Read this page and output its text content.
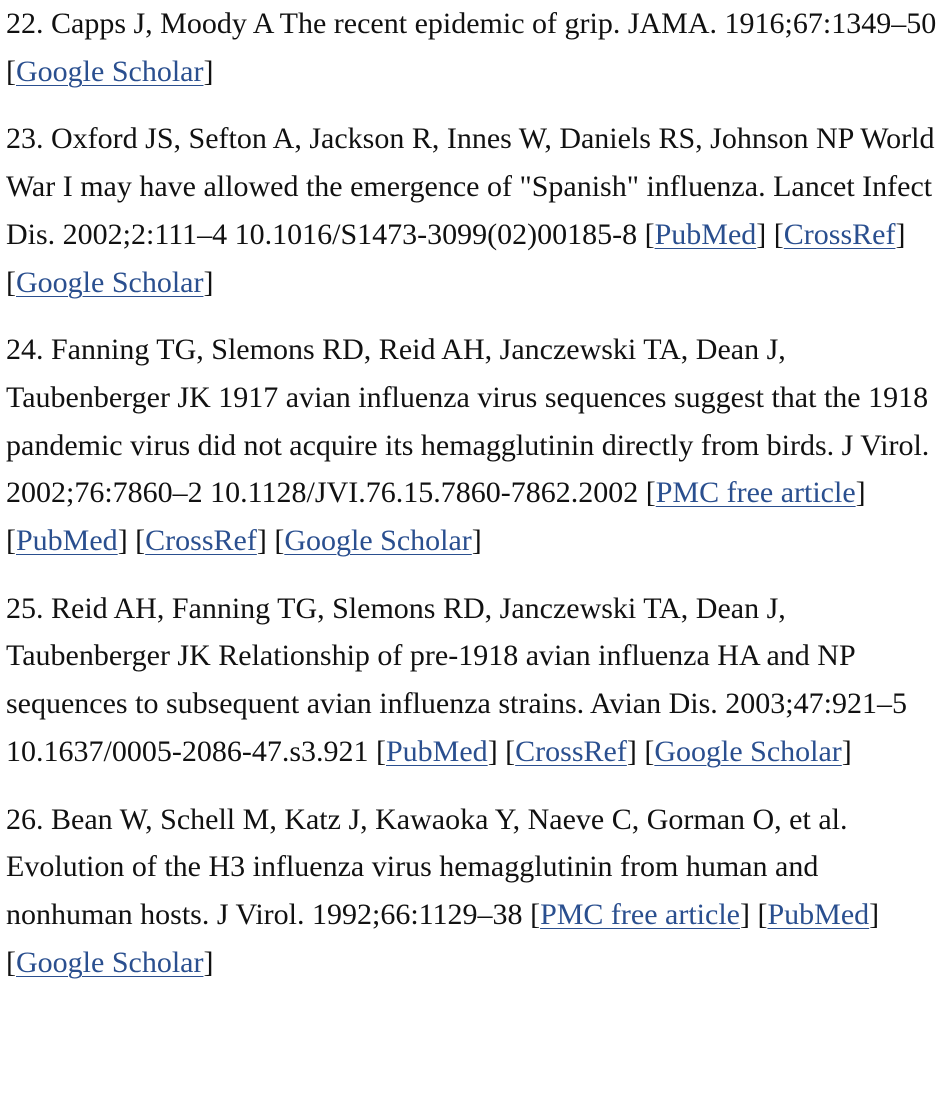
22. Capps J, Moody A The recent epidemic of grip. JAMA. 1916;67:1349–50 [Google Scholar]

23. Oxford JS, Sefton A, Jackson R, Innes W, Daniels RS, Johnson NP World War I may have allowed the emergence of "Spanish" influenza. Lancet Infect Dis. 2002;2:111–4 10.1016/S1473-3099(02)00185-8 [PubMed] [CrossRef] [Google Scholar]

24. Fanning TG, Slemons RD, Reid AH, Janczewski TA, Dean J, Taubenberger JK 1917 avian influenza virus sequences suggest that the 1918 pandemic virus did not acquire its hemagglutinin directly from birds. J Virol. 2002;76:7860–2 10.1128/JVI.76.15.7860-7862.2002 [PMC free article] [PubMed] [CrossRef] [Google Scholar]

25. Reid AH, Fanning TG, Slemons RD, Janczewski TA, Dean J, Taubenberger JK Relationship of pre-1918 avian influenza HA and NP sequences to subsequent avian influenza strains. Avian Dis. 2003;47:921–5 10.1637/0005-2086-47.s3.921 [PubMed] [CrossRef] [Google Scholar]

26. Bean W, Schell M, Katz J, Kawaoka Y, Naeve C, Gorman O, et al. Evolution of the H3 influenza virus hemagglutinin from human and nonhuman hosts. J Virol. 1992;66:1129–38 [PMC free article] [PubMed] [Google Scholar]
